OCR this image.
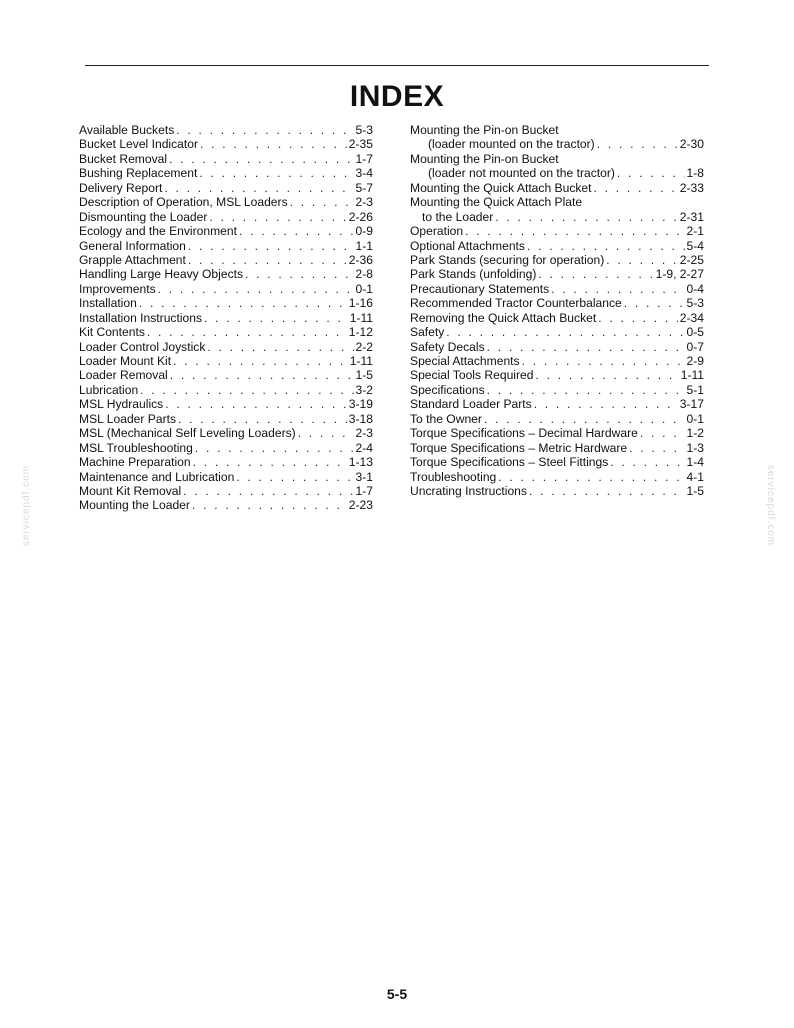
INDEX
Available Buckets . . .	5-3
Bucket Level Indicator . . .	2-35
Bucket Removal . . .	1-7
Bushing Replacement . . .	3-4
Delivery Report . . .	5-7
Description of Operation, MSL Loaders . . .	2-3
Dismounting the Loader . . .	2-26
Ecology and the Environment . . .	0-9
General Information . . .	1-1
Grapple Attachment . . .	2-36
Handling Large Heavy Objects . . .	2-8
Improvements . . .	0-1
Installation . . .	1-16
Installation Instructions . . .	1-11
Kit Contents . . .	1-12
Loader Control Joystick . . .	2-2
Loader Mount Kit . . .	1-11
Loader Removal . . .	1-5
Lubrication . . .	3-2
MSL Hydraulics . . .	3-19
MSL Loader Parts . . .	3-18
MSL (Mechanical Self Leveling Loaders) . . .	2-3
MSL Troubleshooting . . .	2-4
Machine Preparation . . .	1-13
Maintenance and Lubrication . . .	3-1
Mount Kit Removal . . .	1-7
Mounting the Loader . . .	2-23
Mounting the Pin-on Bucket
(loader mounted on the tractor) . . .	2-30
Mounting the Pin-on Bucket
(loader not mounted on the tractor) . . .	1-8
Mounting the Quick Attach Bucket . . .	2-33
Mounting the Quick Attach Plate
to the Loader . . .	2-31
Operation . . .	2-1
Optional Attachments . . .	5-4
Park Stands (securing for operation) . . .	2-25
Park Stands (unfolding) . . .	1-9, 2-27
Precautionary Statements . . .	0-4
Recommended Tractor Counterbalance . . .	5-3
Removing the Quick Attach Bucket . . .	2-34
Safety . . .	0-5
Safety Decals . . .	0-7
Special Attachments . . .	2-9
Special Tools Required . . .	1-11
Specifications . . .	5-1
Standard Loader Parts . . .	3-17
To the Owner . . .	0-1
Torque Specifications – Decimal Hardware . . .	1-2
Torque Specifications – Metric Hardware . . .	1-3
Torque Specifications – Steel Fittings . . .	1-4
Troubleshooting . . .	4-1
Uncrating Instructions . . .	1-5
servicepdf.com	servicepdf.com
5-5
